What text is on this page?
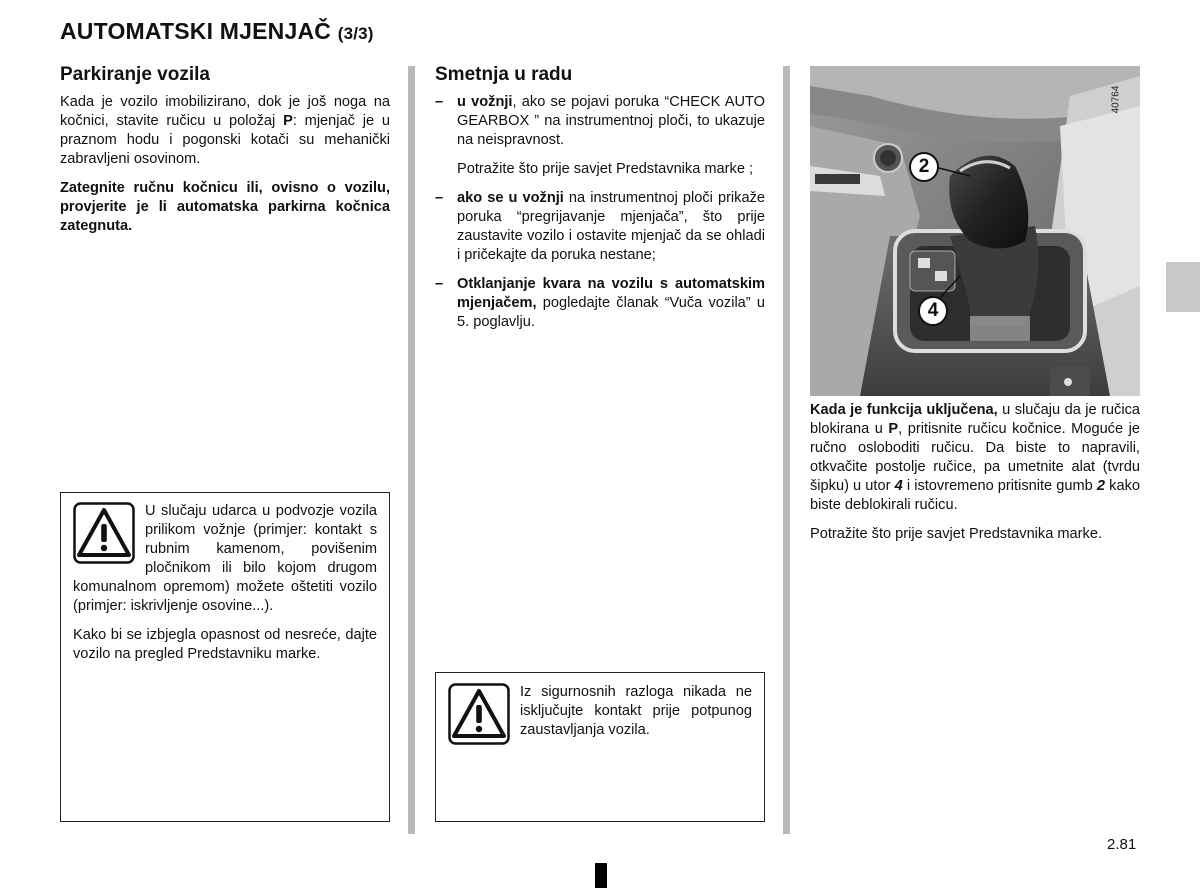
AUTOMATSKI MJENJAČ (3/3)
Parkiranje vozila

Kada je vozilo imobilizirano, dok je još noga na kočnici, stavite ručicu u položaj P: mjenjač je u praznom hodu i pogonski kotači su mehanički zabravljeni osovinom.

Zategnite ručnu kočnicu ili, ovisno o vozilu, provjerite je li automatska parkirna kočnica zategnuta.

U slučaju udarca u podvozje vozila prilikom vožnje (primjer: kontakt s rubnim kamenom, povišenim pločnikom ili bilo kojom drugom komunalnom opremom) možete oštetiti vozilo (primjer: iskrivljenje osovine...).

Kako bi se izbjegla opasnost od nesreće, dajte vozilo na pregled Predstavniku marke.

Smetnja u radu
– u vožnji, ako se pojavi poruka “CHECK AUTO GEARBOX ” na instrumentnoj ploči, to ukazuje na neispravnost.

Potražite što prije savjet Predstavnika marke ;

– ako se u vožnji na instrumentnoj ploči prikaže poruka “pregrijavanje mjenjača”, što prije zaustavite vozilo i ostavite mjenjač da se ohladi i pričekajte da poruka nestane;

– Otklanjanje kvara na vozilu s automatskim mjenjačem, pogledajte članak “Vuča vozila” u 5. poglavlju.

Iz sigurnosnih razloga nikada ne isključujte kontakt prije potpunog zaustavljanja vozila.

2
4
40764

Kada je funkcija uključena, u slučaju da je ručica blokirana u P, pritisnite ručicu kočnice. Moguće je ručno osloboditi ručicu. Da biste to napravili, otkvačite postolje ručice, pa umetnite alat (tvrdu šipku) u utor 4 i istovremeno pritisnite gumb 2 kako biste deblokirali ručicu.

Potražite što prije savjet Predstavnika marke.

2.81
